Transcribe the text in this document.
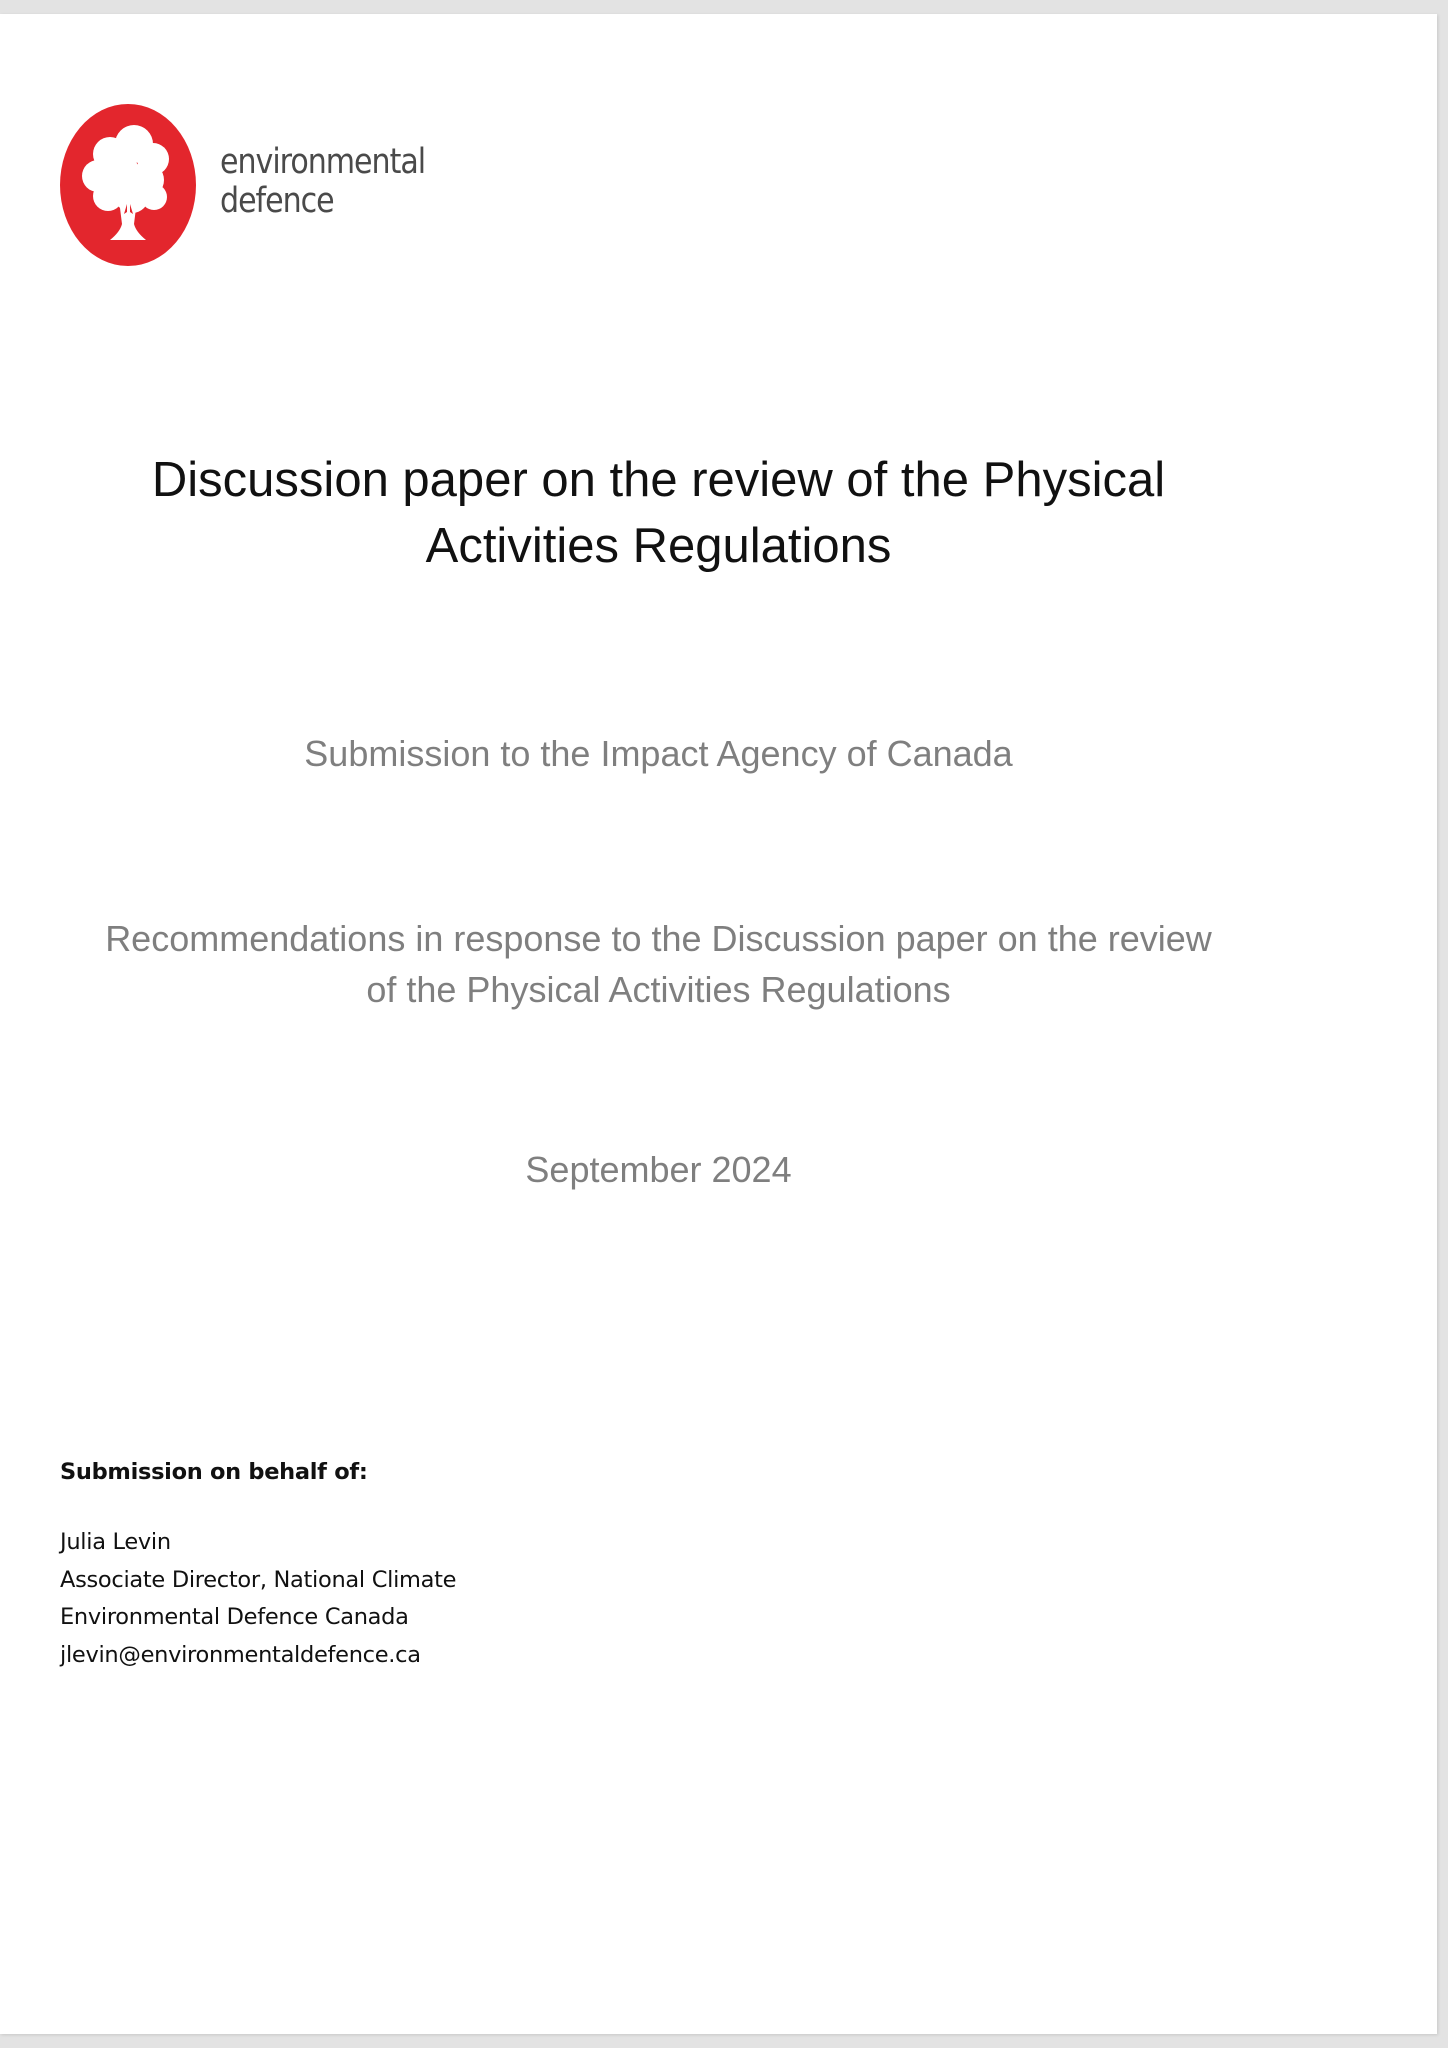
environmental
defence
Discussion paper on the review of the Physical
Activities Regulations
Submission to the Impact Agency of Canada
Recommendations in response to the Discussion paper on the review
of the Physical Activities Regulations
September 2024
Submission on behalf of:
Julia Levin
Associate Director, National Climate
Environmental Defence Canada
jlevin@environmentaldefence.ca
